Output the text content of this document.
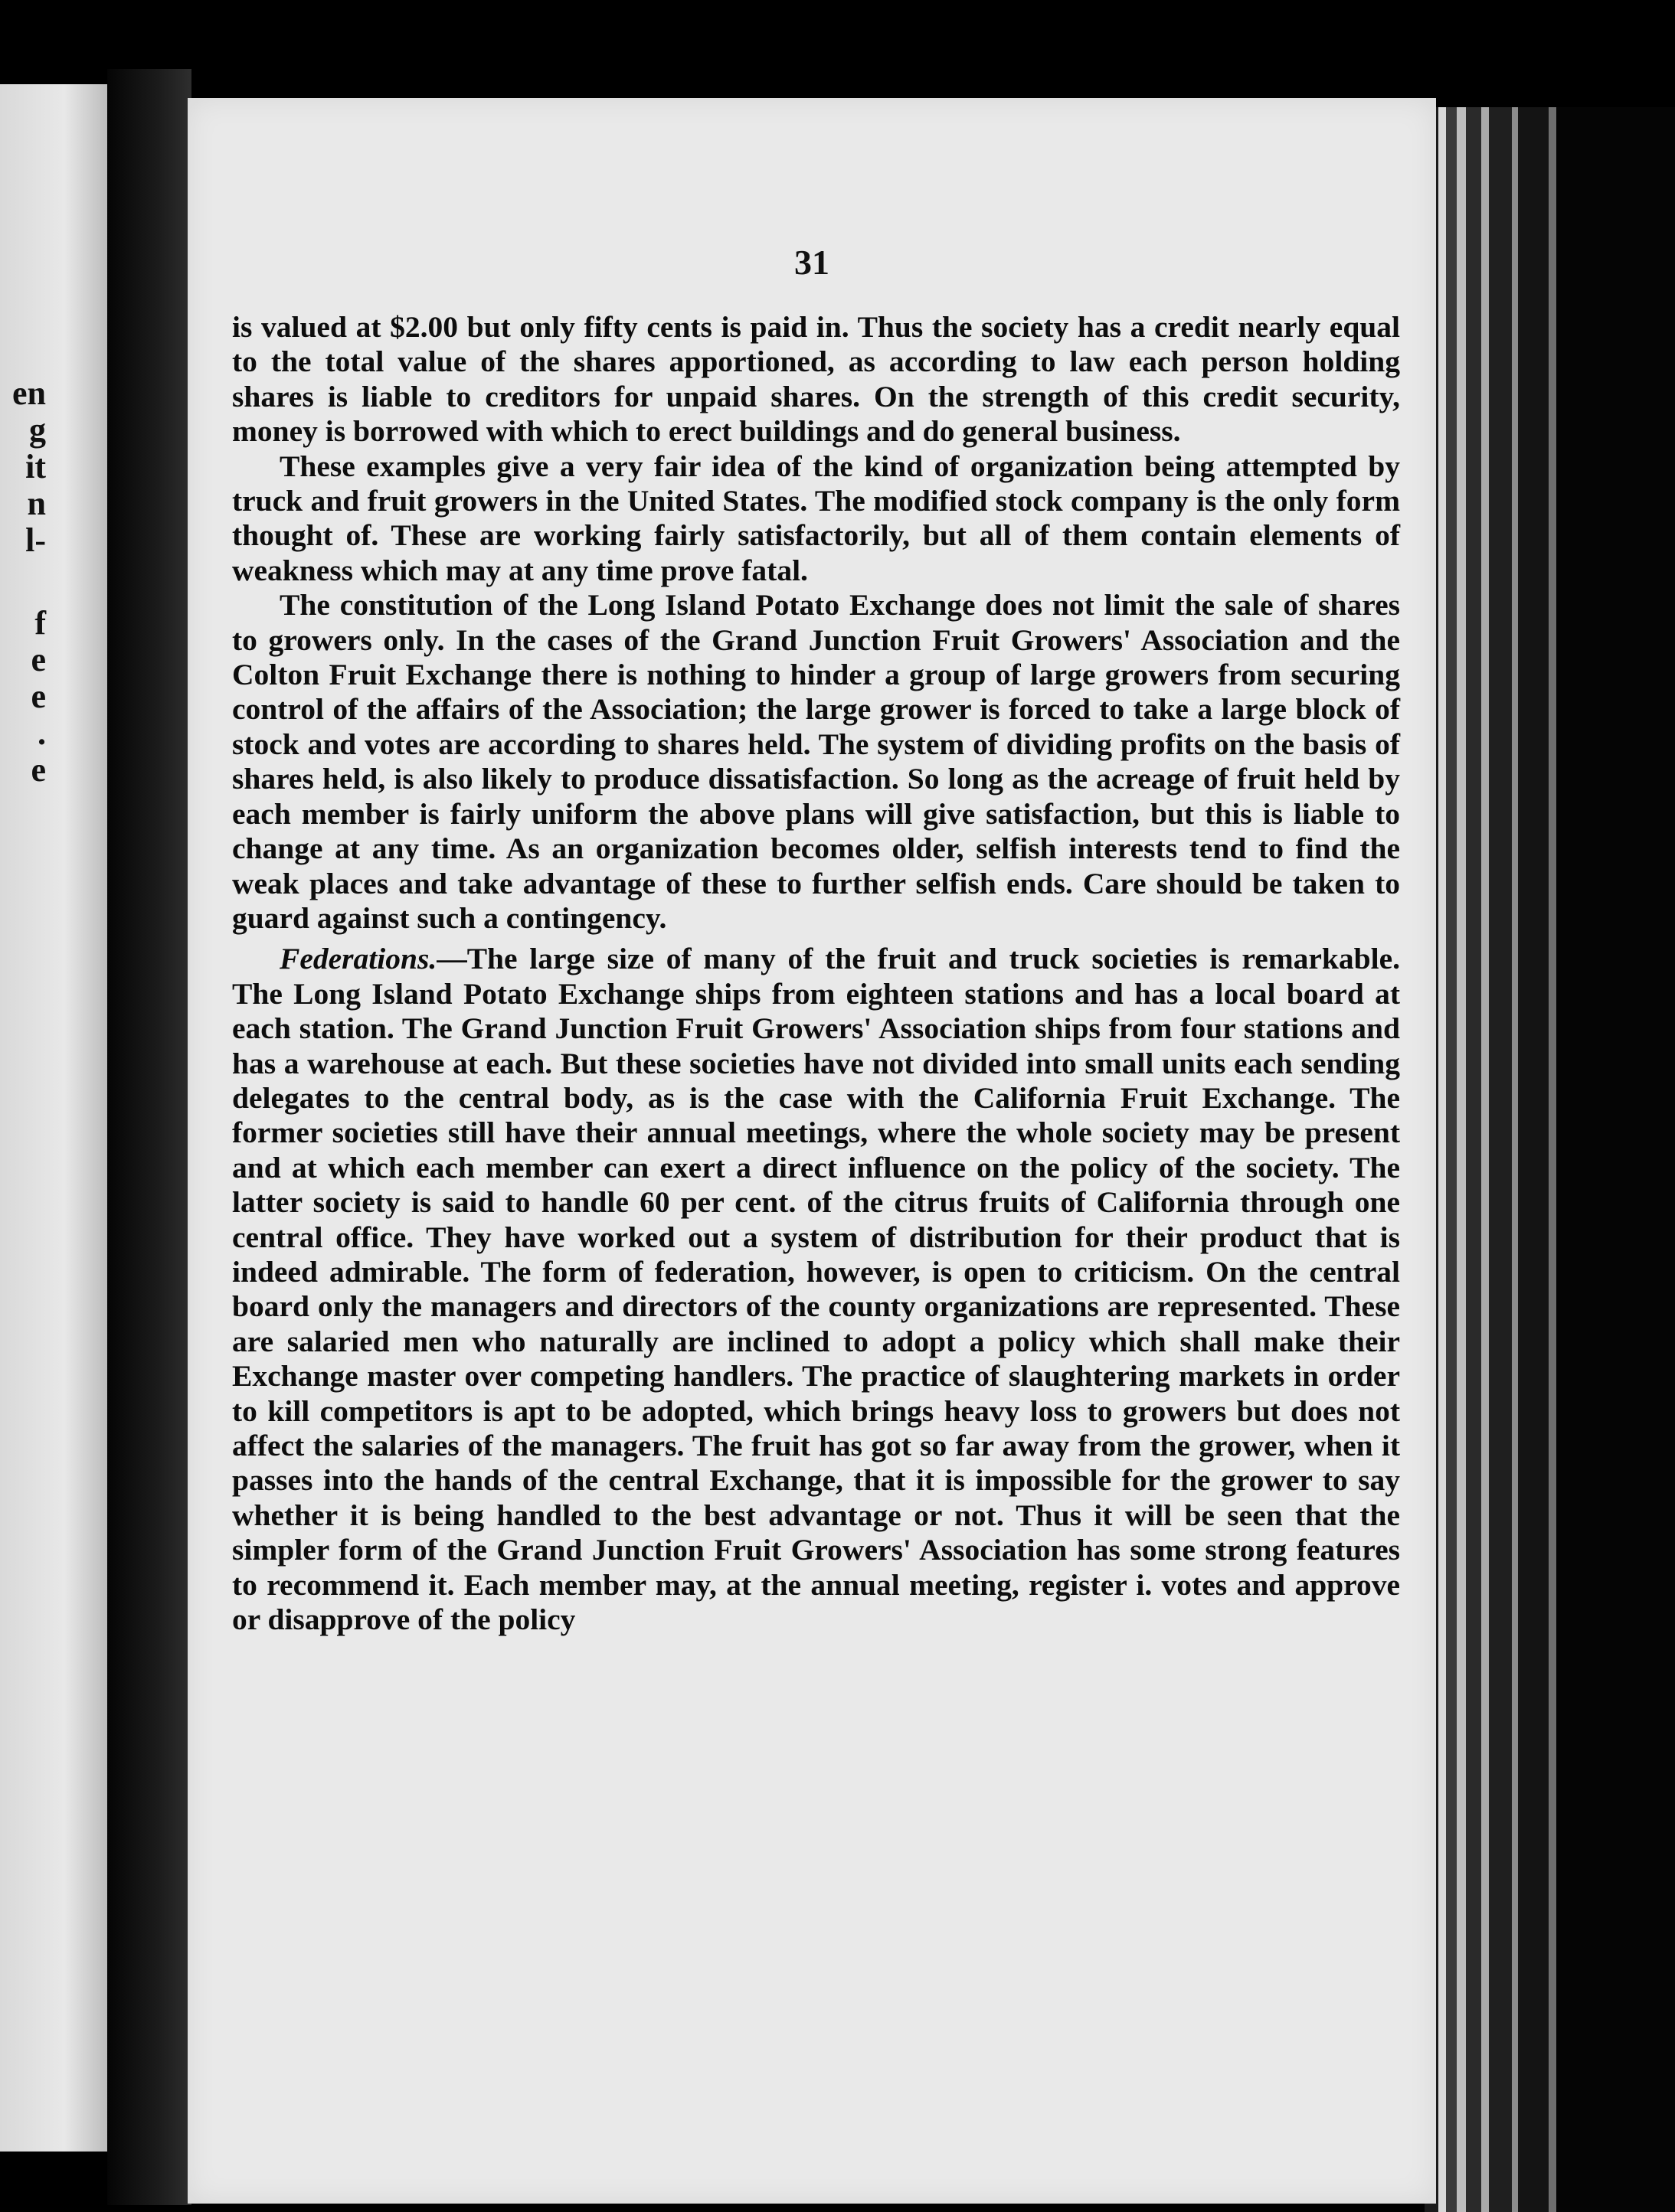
en
g
it
n
l-
f
e
e
.
e
31

is valued at $2.00 but only fifty cents is paid in. Thus the society has a credit nearly equal to the total value of the shares apportioned, as according to law each person holding shares is liable to creditors for unpaid shares. On the strength of this credit security, money is borrowed with which to erect buildings and do general business.

These examples give a very fair idea of the kind of organization being attempted by truck and fruit growers in the United States. The modified stock company is the only form thought of. These are working fairly satisfactorily, but all of them contain elements of weakness which may at any time prove fatal.

The constitution of the Long Island Potato Exchange does not limit the sale of shares to growers only. In the cases of the Grand Junction Fruit Growers' Association and the Colton Fruit Exchange there is nothing to hinder a group of large growers from securing control of the affairs of the Association; the large grower is forced to take a large block of stock and votes are according to shares held. The system of dividing profits on the basis of shares held, is also likely to produce dissatisfaction. So long as the acreage of fruit held by each member is fairly uniform the above plans will give satisfaction, but this is liable to change at any time. As an organization becomes older, selfish interests tend to find the weak places and take advantage of these to further selfish ends. Care should be taken to guard against such a contingency.

Federations.—The large size of many of the fruit and truck societies is remarkable. The Long Island Potato Exchange ships from eighteen stations and has a local board at each station. The Grand Junction Fruit Growers' Association ships from four stations and has a warehouse at each. But these societies have not divided into small units each sending delegates to the central body, as is the case with the California Fruit Exchange. The former societies still have their annual meetings, where the whole society may be present and at which each member can exert a direct influence on the policy of the society. The latter society is said to handle 60 per cent. of the citrus fruits of California through one central office. They have worked out a system of distribution for their product that is indeed admirable. The form of federation, however, is open to criticism. On the central board only the managers and directors of the county organizations are represented. These are salaried men who naturally are inclined to adopt a policy which shall make their Exchange master over competing handlers. The practice of slaughtering markets in order to kill competitors is apt to be adopted, which brings heavy loss to growers but does not affect the salaries of the managers. The fruit has got so far away from the grower, when it passes into the hands of the central Exchange, that it is impossible for the grower to say whether it is being handled to the best advantage or not. Thus it will be seen that the simpler form of the Grand Junction Fruit Growers' Association has some strong features to recommend it. Each member may, at the annual meeting, register i. votes and approve or disapprove of the policy
